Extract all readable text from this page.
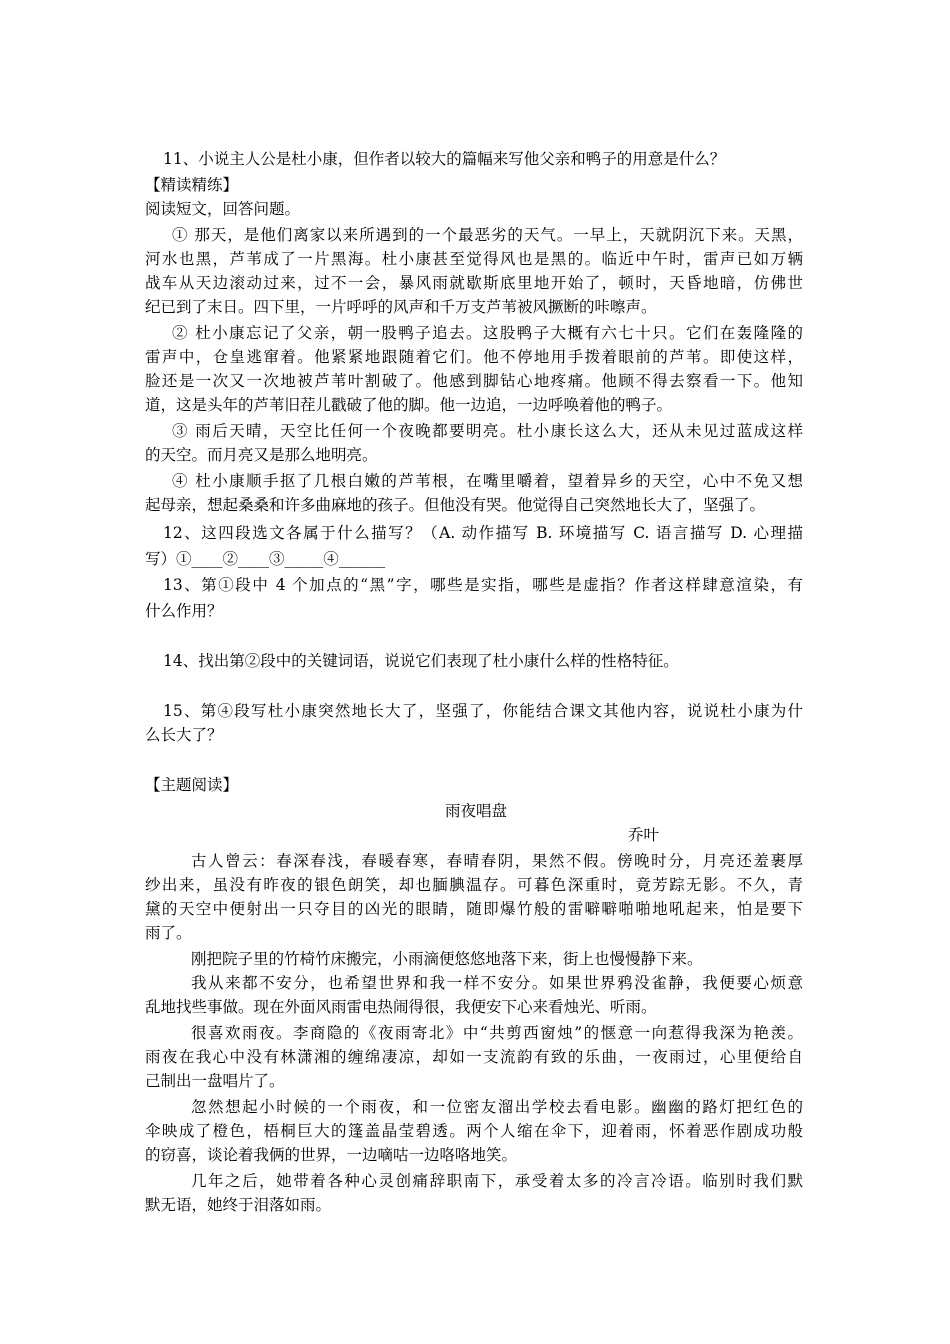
11、小说主人公是杜小康，但作者以较大的篇幅来写他父亲和鸭子的用意是什么？
【精读精练】
阅读短文，回答问题。
① 那天，是他们离家以来所遇到的一个最恶劣的天气。一早上，天就阴沉下来。天黑，
河水也黑，芦苇成了一片黑海。杜小康甚至觉得风也是黑的。临近中午时，雷声已如万辆
战车从天边滚动过来，过不一会，暴风雨就歇斯底里地开始了，顿时，天昏地暗，仿佛世
纪已到了末日。四下里，一片呼呼的风声和千万支芦苇被风撅断的咔嚓声。
② 杜小康忘记了父亲，朝一股鸭子追去。这股鸭子大概有六七十只。它们在轰隆隆的
雷声中，仓皇逃窜着。他紧紧地跟随着它们。他不停地用手拨着眼前的芦苇。即使这样，
脸还是一次又一次地被芦苇叶割破了。他感到脚钻心地疼痛。他顾不得去察看一下。他知
道，这是头年的芦苇旧茬儿戳破了他的脚。他一边追，一边呼唤着他的鸭子。
③ 雨后天晴，天空比任何一个夜晚都要明亮。杜小康长这么大，还从未见过蓝成这样
的天空。而月亮又是那么地明亮。
④ 杜小康顺手抠了几根白嫩的芦苇根，在嘴里嚼着，望着异乡的天空，心中不免又想
起母亲，想起桑桑和许多曲麻地的孩子。但他没有哭。他觉得自己突然地长大了，坚强了。
12、这四段选文各属于什么描写？（A. 动作描写 B. 环境描写 C. 语言描写 D. 心理描
写）①____②____③_____④______
13、第①段中 4 个加点的“黑”字，哪些是实指，哪些是虚指？作者这样肆意渲染，有
什么作用？
14、找出第②段中的关键词语，说说它们表现了杜小康什么样的性格特征。
15、第④段写杜小康突然地长大了，坚强了，你能结合课文其他内容，说说杜小康为什
么长大了？
【主题阅读】
雨夜唱盘
乔叶
古人曾云：春深春浅，春暖春寒，春晴春阴，果然不假。傍晚时分，月亮还羞裹厚
纱出来，虽没有昨夜的银色朗笑，却也腼腆温存。可暮色深重时，竟芳踪无影。不久，青
黛的天空中便射出一只夺目的凶光的眼睛，随即爆竹般的雷噼噼啪啪地吼起来，怕是要下
雨了。
刚把院子里的竹椅竹床搬完，小雨滴便悠悠地落下来，街上也慢慢静下来。
我从来都不安分，也希望世界和我一样不安分。如果世界鸦没雀静，我便要心烦意
乱地找些事做。现在外面风雨雷电热闹得很，我便安下心来看烛光、听雨。
很喜欢雨夜。李商隐的《夜雨寄北》中“共剪西窗烛”的惬意一向惹得我深为艳羡。
雨夜在我心中没有林潇湘的缠绵凄凉，却如一支流韵有致的乐曲，一夜雨过，心里便给自
己制出一盘唱片了。
忽然想起小时候的一个雨夜，和一位密友溜出学校去看电影。幽幽的路灯把红色的
伞映成了橙色，梧桐巨大的篷盖晶莹碧透。两个人缩在伞下，迎着雨，怀着恶作剧成功般
的窃喜，谈论着我俩的世界，一边嘀咕一边咯咯地笑。
几年之后，她带着各种心灵创痛辞职南下，承受着太多的冷言冷语。临别时我们默
默无语，她终于泪落如雨。
